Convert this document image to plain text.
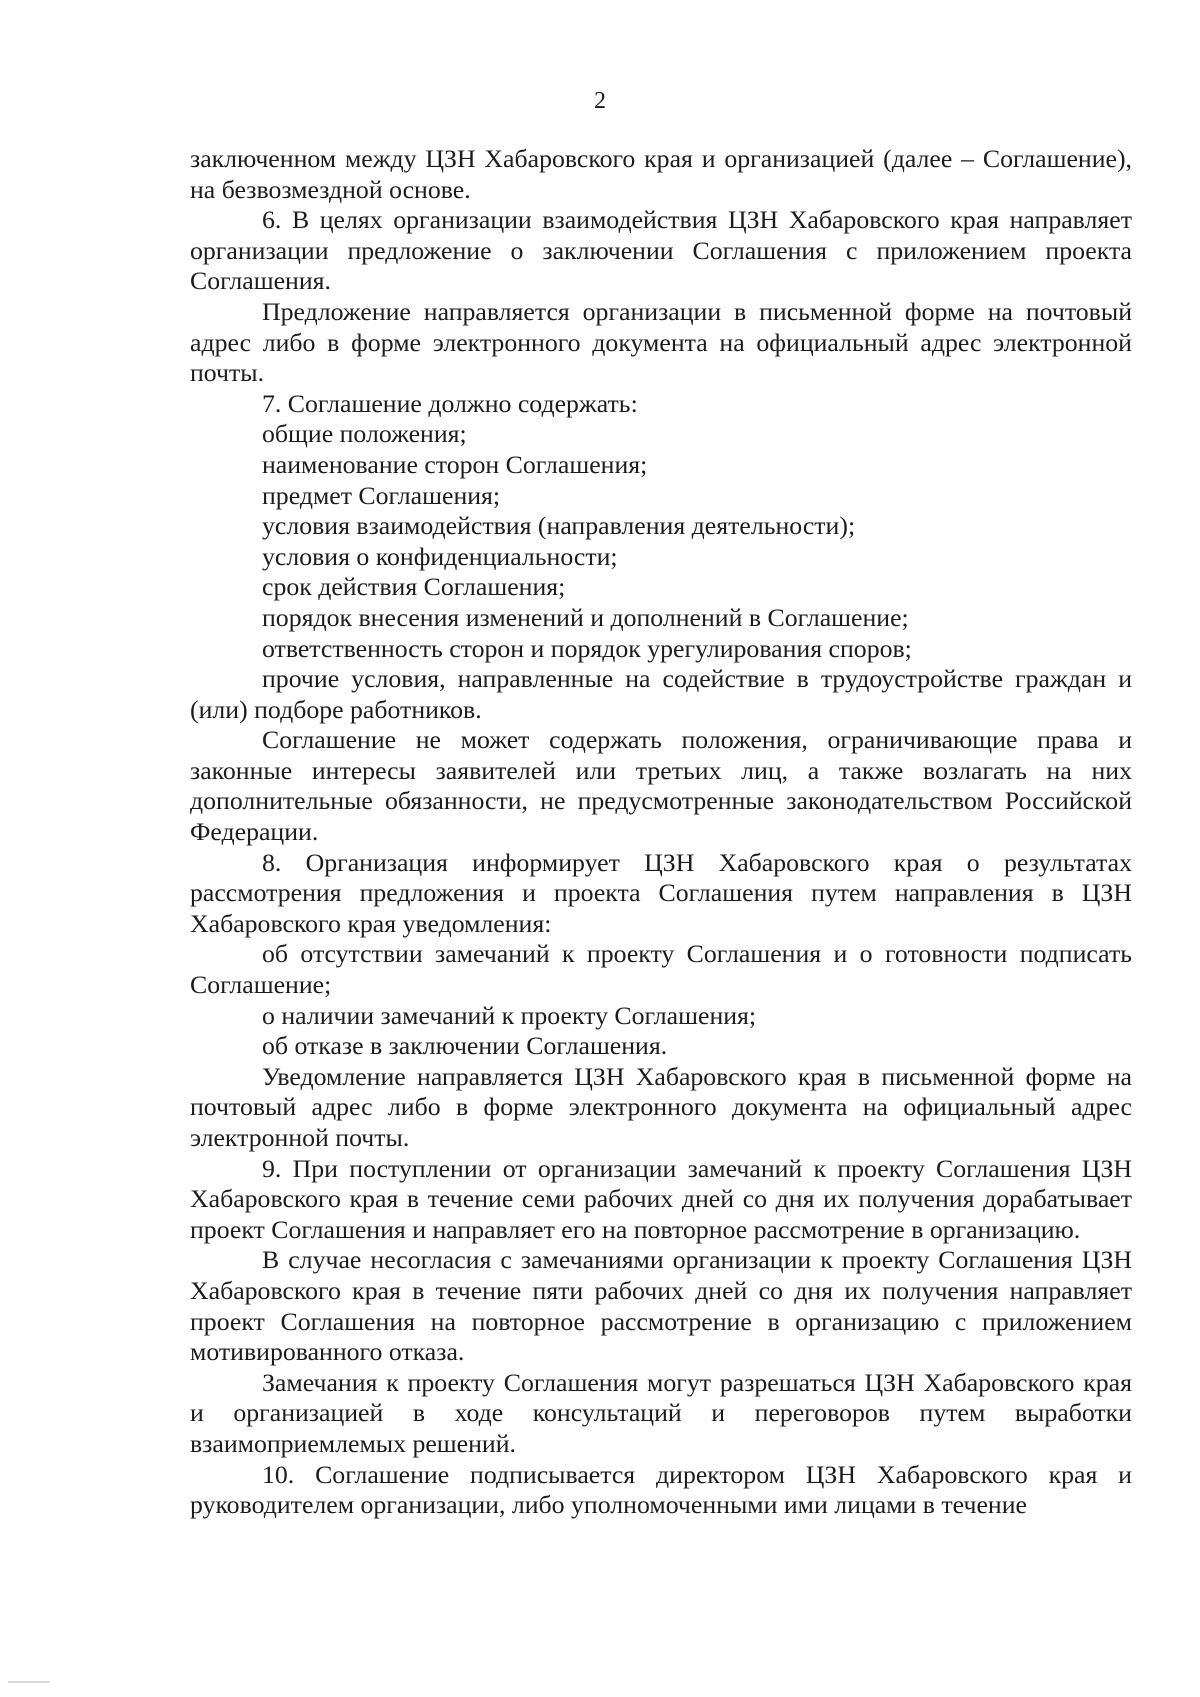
2

заключенном между ЦЗН Хабаровского края и организацией (далее – Соглашение), на безвозмездной основе.

6. В целях организации взаимодействия ЦЗН Хабаровского края направляет организации предложение о заключении Соглашения с приложением проекта Соглашения.

Предложение направляется организации в письменной форме на почтовый адрес либо в форме электронного документа на официальный адрес электронной почты.

7. Соглашение должно содержать:

общие положения;

наименование сторон Соглашения;

предмет Соглашения;

условия взаимодействия (направления деятельности);

условия о конфиденциальности;

срок действия Соглашения;

порядок внесения изменений и дополнений в Соглашение;

ответственность сторон и порядок урегулирования споров;

прочие условия, направленные на содействие в трудоустройстве граждан и (или) подборе работников.

Соглашение не может содержать положения, ограничивающие права и законные интересы заявителей или третьих лиц, а также возлагать на них дополнительные обязанности, не предусмотренные законодательством Российской Федерации.

8. Организация информирует ЦЗН Хабаровского края о результатах рассмотрения предложения и проекта Соглашения путем направления в ЦЗН Хабаровского края уведомления:

об отсутствии замечаний к проекту Соглашения и о готовности подписать Соглашение;

о наличии замечаний к проекту Соглашения;

об отказе в заключении Соглашения.

Уведомление направляется ЦЗН Хабаровского края в письменной форме на почтовый адрес либо в форме электронного документа на официальный адрес электронной почты.

9. При поступлении от организации замечаний к проекту Соглашения ЦЗН Хабаровского края в течение семи рабочих дней со дня их получения дорабатывает проект Соглашения и направляет его на повторное рассмотрение в организацию.

В случае несогласия с замечаниями организации к проекту Соглашения ЦЗН Хабаровского края в течение пяти рабочих дней со дня их получения направляет проект Соглашения на повторное рассмотрение в организацию с приложением мотивированного отказа.

Замечания к проекту Соглашения могут разрешаться ЦЗН Хабаровского края и организацией в ходе консультаций и переговоров путем выработки взаимоприемлемых решений.

10. Соглашение подписывается директором ЦЗН Хабаровского края и руководителем организации, либо уполномоченными ими лицами в течение
